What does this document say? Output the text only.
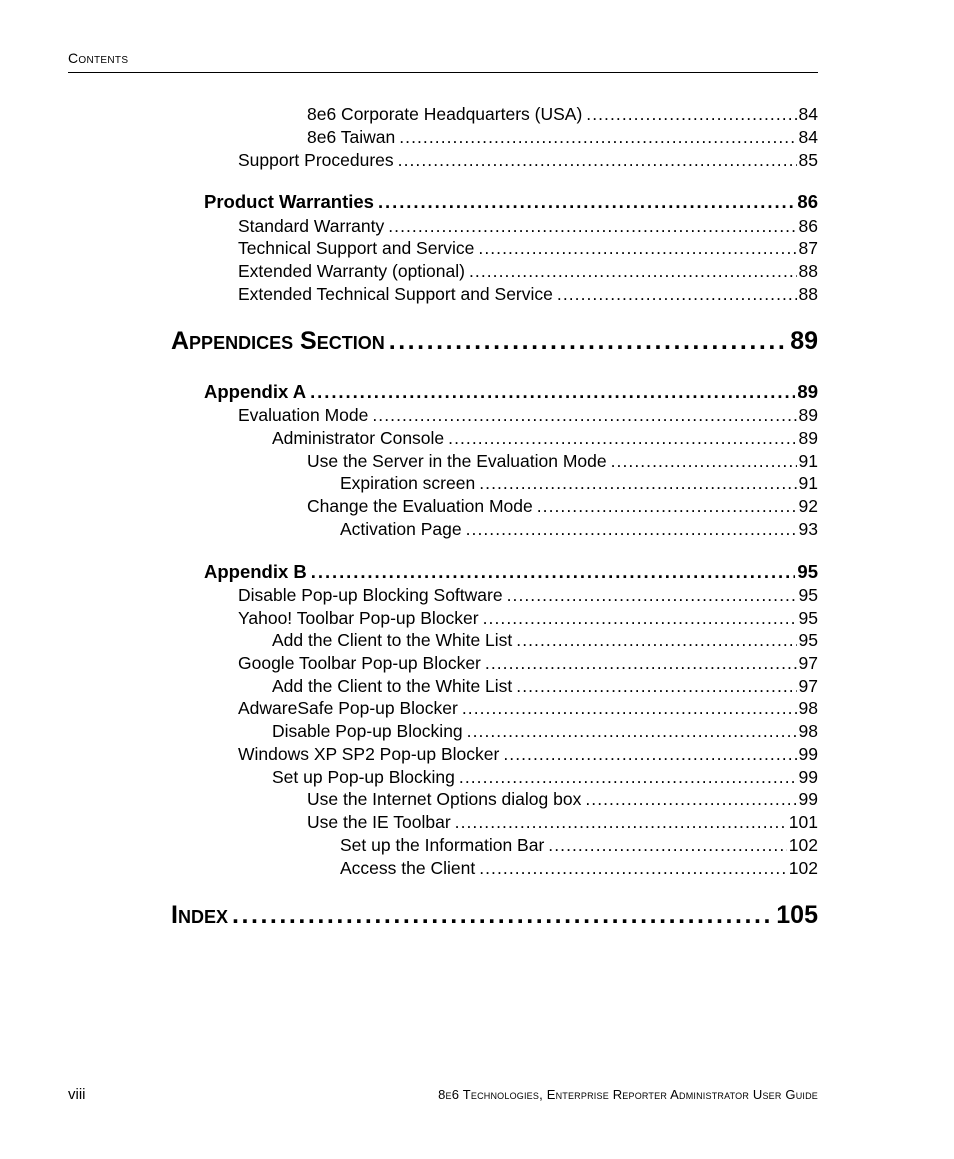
Contents
8e6 Corporate Headquarters (USA) . . .	84
8e6 Taiwan . . .	84
Support Procedures . . .	85
Product Warranties . . .	86
Standard Warranty . . .	86
Technical Support and Service . . .	87
Extended Warranty (optional) . . .	88
Extended Technical Support and Service . . .	88
Appendices Section . . .	89
Appendix A . . .	89
Evaluation Mode . . .	89
Administrator Console . . .	89
Use the Server in the Evaluation Mode . . .	91
Expiration screen . . .	91
Change the Evaluation Mode . . .	92
Activation Page . . .	93
Appendix B . . .	95
Disable Pop-up Blocking Software . . .	95
Yahoo! Toolbar Pop-up Blocker . . .	95
Add the Client to the White List . . .	95
Google Toolbar Pop-up Blocker . . .	97
Add the Client to the White List . . .	97
AdwareSafe Pop-up Blocker . . .	98
Disable Pop-up Blocking . . .	98
Windows XP SP2 Pop-up Blocker . . .	99
Set up Pop-up Blocking . . .	99
Use the Internet Options dialog box . . .	99
Use the IE Toolbar . . .	101
Set up the Information Bar . . .	102
Access the Client . . .	102
Index . . .	105
viii	8e6 Technologies, Enterprise Reporter Administrator User Guide
